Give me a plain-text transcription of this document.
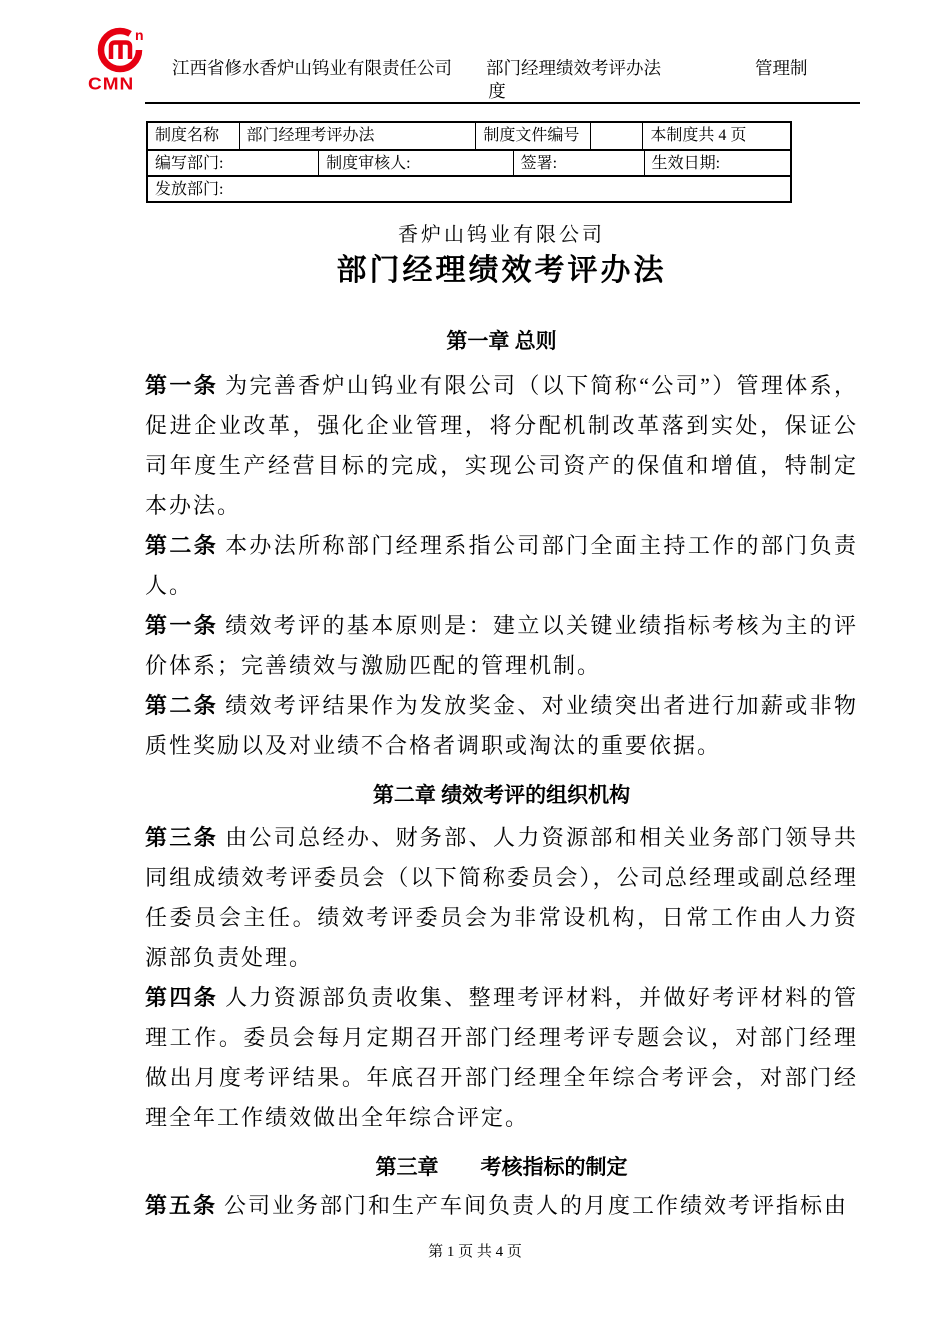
n
CMN
江西省修水香炉山钨业有限责任公司 部门经理绩效考评办法	管理制
度
制度名称	部门经理考评办法	制度文件编号	本制度共 4 页
编写部门:	制度审核人:	签署:	生效日期:
发放部门:
香炉山钨业有限公司
部门经理绩效考评办法
第一章 总则
第一条 为完善香炉山钨业有限公司（以下简称“公司”）管理体系，促进企业改革，强化企业管理，将分配机制改革落到实处，保证公司年度生产经营目标的完成，实现公司资产的保值和增值，特制定本办法。
第二条 本办法所称部门经理系指公司部门全面主持工作的部门负责人。
第一条 绩效考评的基本原则是：建立以关键业绩指标考核为主的评价体系；完善绩效与激励匹配的管理机制。
第二条 绩效考评结果作为发放奖金、对业绩突出者进行加薪或非物质性奖励以及对业绩不合格者调职或淘汰的重要依据。
第二章 绩效考评的组织机构
第三条 由公司总经办、财务部、人力资源部和相关业务部门领导共同组成绩效考评委员会（以下简称委员会），公司总经理或副总经理任委员会主任。绩效考评委员会为非常设机构，日常工作由人力资源部负责处理。
第四条 人力资源部负责收集、整理考评材料，并做好考评材料的管理工作。委员会每月定期召开部门经理考评专题会议，对部门经理做出月度考评结果。年底召开部门经理全年综合考评会，对部门经理全年工作绩效做出全年综合评定。
第三章　　考核指标的制定
第五条 公司业务部门和生产车间负责人的月度工作绩效考评指标由
第 1 页 共 4 页
